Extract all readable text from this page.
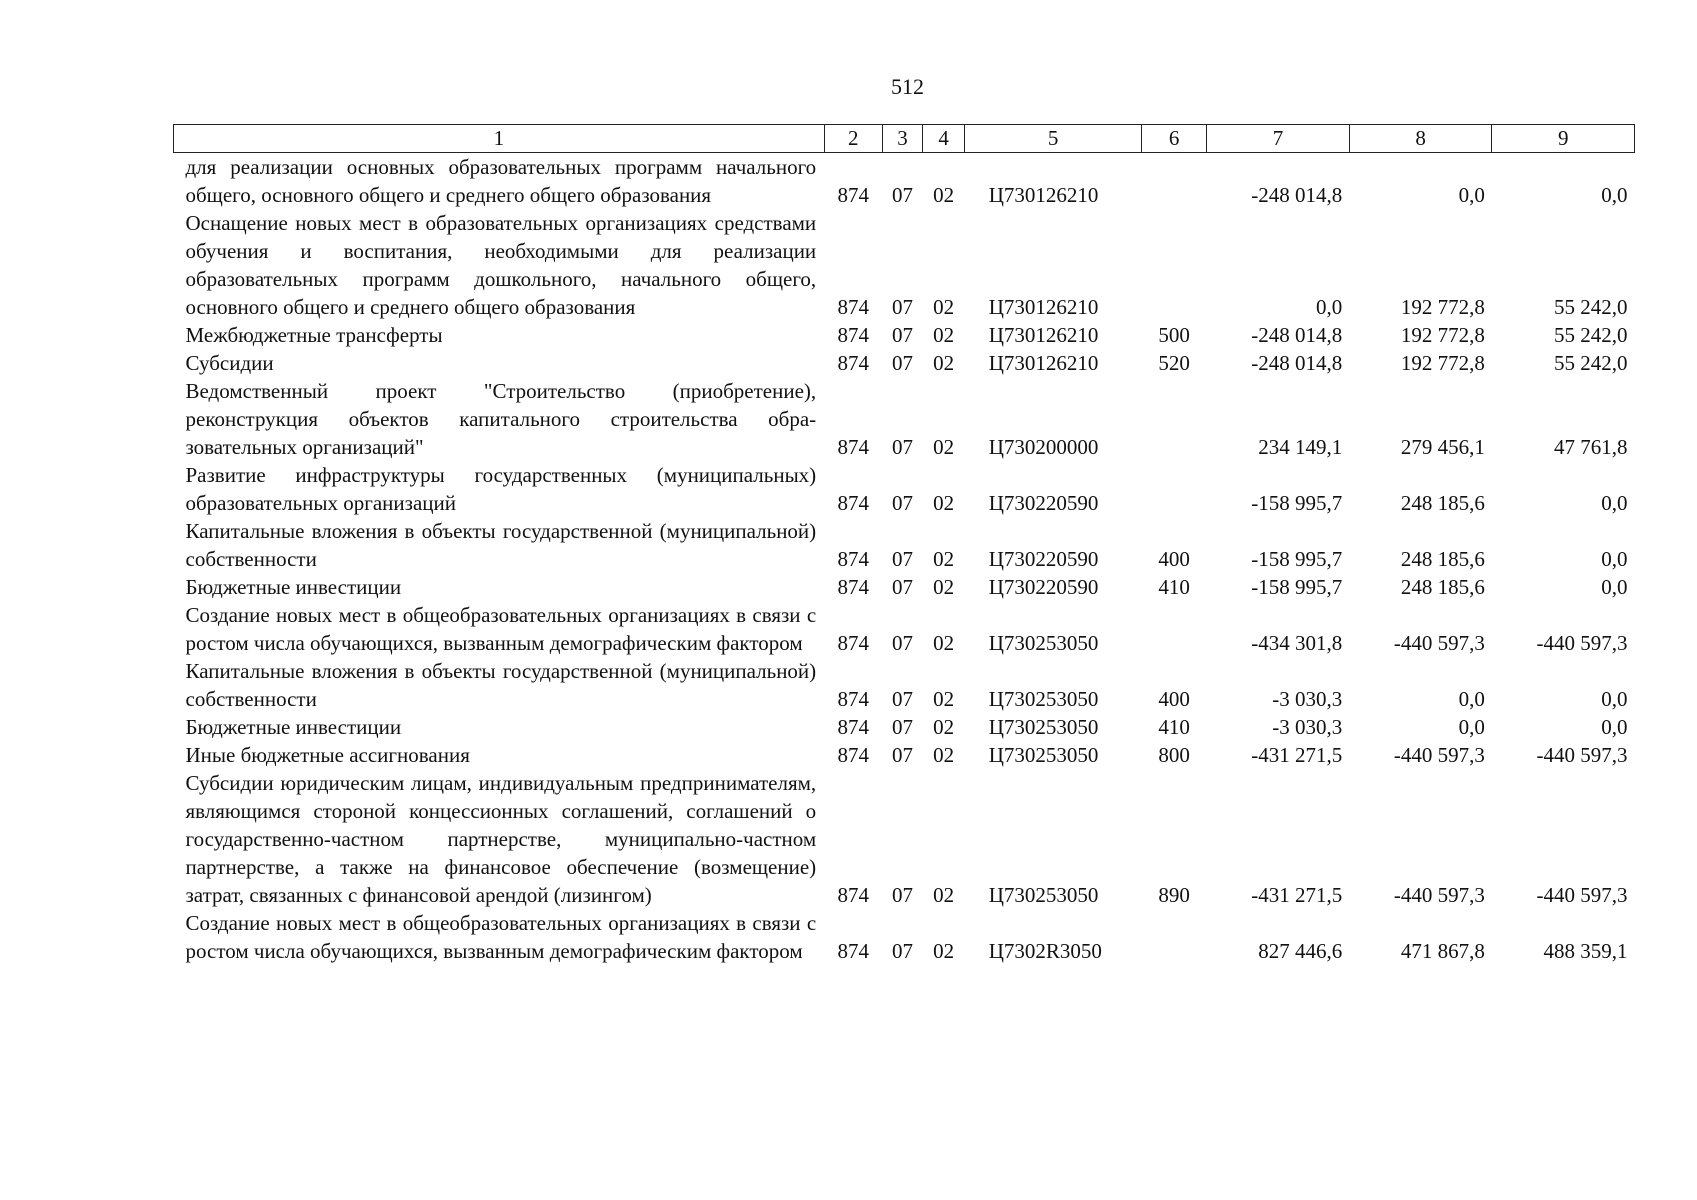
512
1	2	3	4	5	6	7	8	9
для реализации основных образовательных программ начального общего, основного общего и среднего общего образования	874	07	02	Ц730126210		-248 014,8	0,0	0,0
Оснащение новых мест в образовательных организациях средствами обучения и воспитания, необходимыми для реализации образовательных программ дошкольного, начального общего, основного общего и среднего общего образования	874	07	02	Ц730126210		0,0	192 772,8	55 242,0
Межбюджетные трансферты	874	07	02	Ц730126210	500	-248 014,8	192 772,8	55 242,0
Субсидии	874	07	02	Ц730126210	520	-248 014,8	192 772,8	55 242,0
Ведомственный проект "Строительство (приобретение), реконструкция объектов капитального строительства образовательных организаций"	874	07	02	Ц730200000		234 149,1	279 456,1	47 761,8
Развитие инфраструктуры государственных (муниципальных) образовательных организаций	874	07	02	Ц730220590		-158 995,7	248 185,6	0,0
Капитальные вложения в объекты государственной (муниципальной) собственности	874	07	02	Ц730220590	400	-158 995,7	248 185,6	0,0
Бюджетные инвестиции	874	07	02	Ц730220590	410	-158 995,7	248 185,6	0,0
Создание новых мест в общеобразовательных организациях в связи с ростом числа обучающихся, вызванным демографическим фактором	874	07	02	Ц730253050		-434 301,8	-440 597,3	-440 597,3
Капитальные вложения в объекты государственной (муниципальной) собственности	874	07	02	Ц730253050	400	-3 030,3	0,0	0,0
Бюджетные инвестиции	874	07	02	Ц730253050	410	-3 030,3	0,0	0,0
Иные бюджетные ассигнования	874	07	02	Ц730253050	800	-431 271,5	-440 597,3	-440 597,3
Субсидии юридическим лицам, индивидуальным предпринимателям, являющимся стороной концессионных соглашений, соглашений о государственно-частном партнерстве, муниципально-частном партнерстве, а также на финансовое обеспечение (возмещение) затрат, связанных с финансовой арендой (лизингом)	874	07	02	Ц730253050	890	-431 271,5	-440 597,3	-440 597,3
Создание новых мест в общеобразовательных организациях в связи с ростом числа обучающихся, вызванным демографическим фактором	874	07	02	Ц7302R3050		827 446,6	471 867,8	488 359,1
